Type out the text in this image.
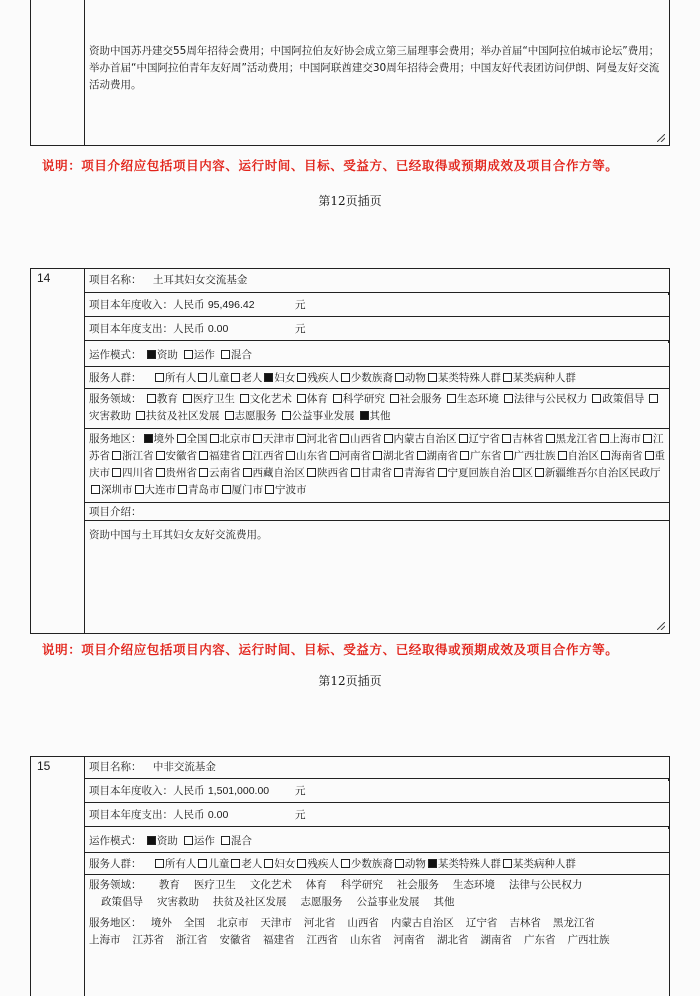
资助中国苏丹建交55周年招待会费用；中国阿拉伯友好协会成立第三届理事会费用；举办首届“中国阿拉伯城市论坛”费用；举办首届“中国阿拉伯青年友好周”活动费用；中国阿联酋建交30周年招待会费用；中国友好代表团访问伊朗、阿曼友好交流活动费用。
说明：项目介绍应包括项目内容、运行时间、目标、受益方、已经取得或预期成效及项目合作方等。
第12页插页
14	项目名称： 土耳其妇女交流基金
项目本年度收入：人民币 95,496.42	元
项目本年度支出：人民币 0.00	元
运作模式： 资助 运作 混合
服务人群： 所有人 儿童 老人 妇女 残疾人 少数族裔 动物 某类特殊人群 某类病种人群
服务领域： 教育 医疗卫生 文化艺术 体育 科学研究 社会服务 生态环境 法律与公民权力 政策倡导灾害救助 扶贫及社区发展 志愿服务 公益事业发展 其他
服务地区： 境外 全国 北京市 天津市 河北省 山西省 内蒙古自治区 辽宁省 吉林省 黑龙江省 上海市 江苏省 浙江省 安徽省 福建省 江西省 山东省 河南省 湖北省 湖南省 广东省 广西壮族 自治区 海南省 重庆市 四川省 贵州省 云南省 西藏自治区 陕西省 甘肃省 青海省 宁夏回族自治 区 新疆维吾尔自治区民政厅深圳市 大连市 青岛市 厦门市 宁波市
项目介绍：
资助中国与土耳其妇女友好交流费用。
说明：项目介绍应包括项目内容、运行时间、目标、受益方、已经取得或预期成效及项目合作方等。
第12页插页
15	项目名称： 中非交流基金
项目本年度收入：人民币 1,501,000.00 元
项目本年度支出：人民币 0.00	元
运作模式： 资助 运作 混合
服务人群： 所有人 儿童 老人 妇女 残疾人 少数族裔 动物 某类特殊人群 某类病种人群
服务领域： 教育 医疗卫生 文化艺术 体育 科学研究 社会服务 生态环境 法律与公民权力
政策倡导 灾害救助 扶贫及社区发展 志愿服务 公益事业发展 其他
服务地区： 境外 全国 北京市 天津市 河北省 山西省 内蒙古自治区 辽宁省 吉林省 黑龙江省
上海市 江苏省 浙江省 安徽省 福建省 江西省 山东省 河南省 湖北省 湖南省 广东省 广西壮族
